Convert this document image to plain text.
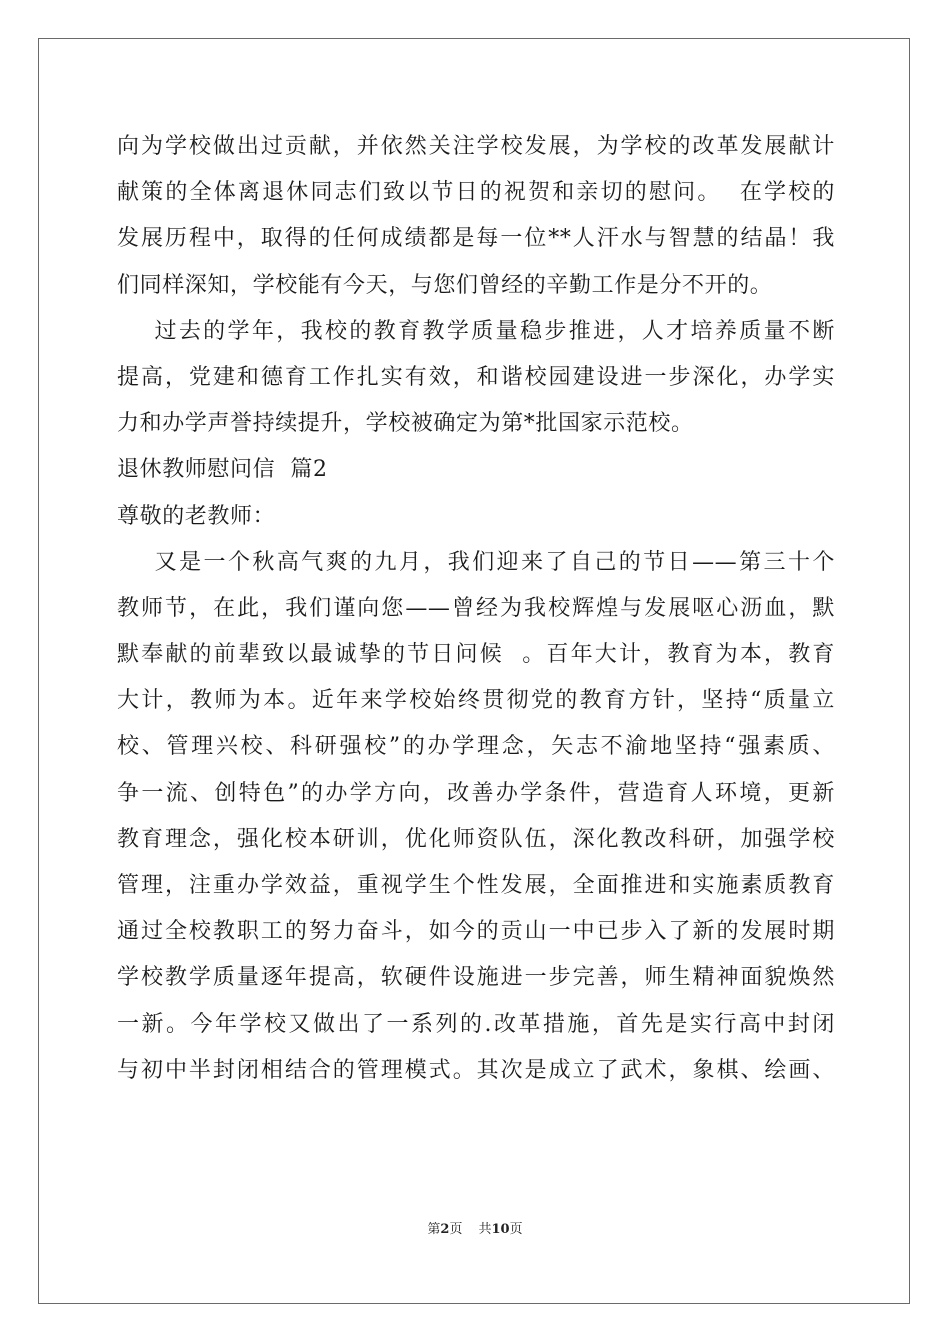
向为学校做出过贡献，并依然关注学校发展，为学校的改革发展献计
献策的全体离退休同志们致以节日的祝贺和亲切的慰问。  在学校的
发展历程中，取得的任何成绩都是每一位**人汗水与智慧的结晶！我
们同样深知，学校能有今天，与您们曾经的辛勤工作是分不开的。
过去的学年，我校的教育教学质量稳步推进，人才培养质量不断
提高，党建和德育工作扎实有效，和谐校园建设进一步深化，办学实
力和办学声誉持续提升，学校被确定为第*批国家示范校。
退休教师慰问信  篇2
尊敬的老教师：
又是一个秋高气爽的九月，我们迎来了自己的节日——第三十个
教师节，在此，我们谨向您——曾经为我校辉煌与发展呕心沥血，默
默奉献的前辈致以最诚挚的节日问候  。百年大计，教育为本，教育
大计，教师为本。近年来学校始终贯彻党的教育方针，坚持“质量立
校、管理兴校、科研强校”的办学理念，矢志不渝地坚持“强素质、
争一流、创特色”的办学方向，改善办学条件，营造育人环境，更新
教育理念，强化校本研训，优化师资队伍，深化教改科研，加强学校
管理，注重办学效益，重视学生个性发展，全面推进和实施素质教育
通过全校教职工的努力奋斗，如今的贡山一中已步入了新的发展时期
学校教学质量逐年提高，软硬件设施进一步完善，师生精神面貌焕然
一新。今年学校又做出了一系列的.改革措施，首先是实行高中封闭
与初中半封闭相结合的管理模式。其次是成立了武术，象棋、绘画、
第2页 共10页
